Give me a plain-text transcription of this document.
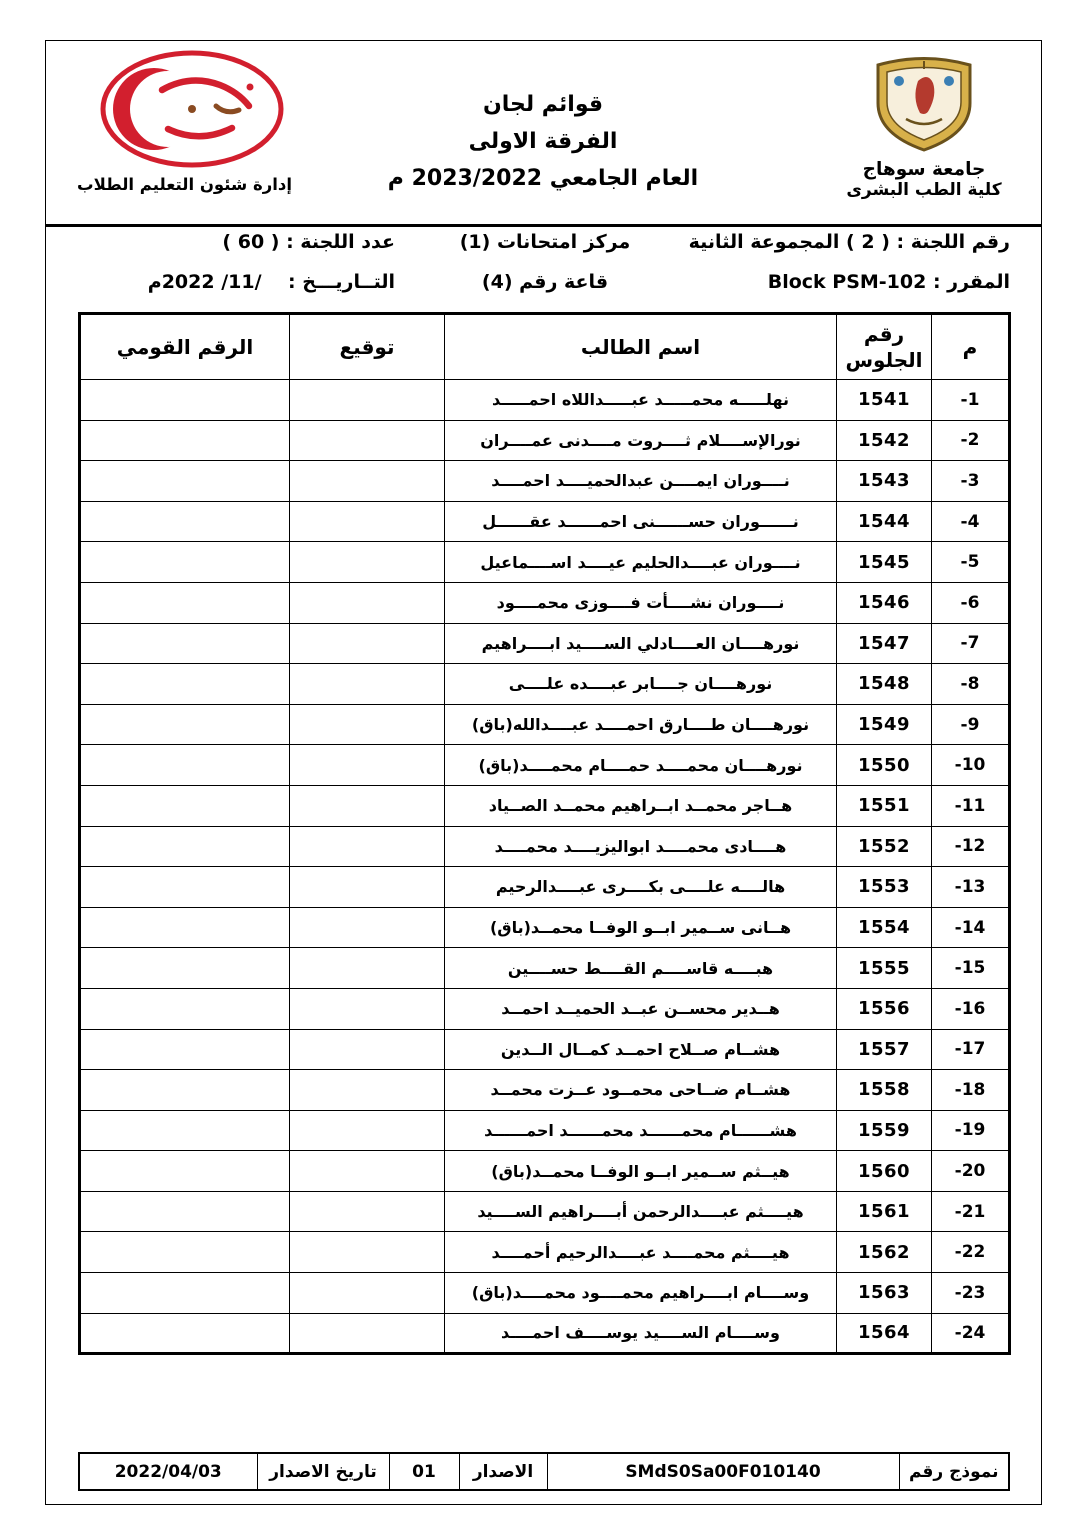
إدارة شئون التعليم الطلاب
قوائم لجان
الفرقة الاولى
العام الجامعي 2023/2022 م	جامعة سوهاج
كلية الطب البشرى
رقم اللجنة : ( 2 ) المجموعة الثانية
مركز امتحانات (1)
عدد اللجنة : ( 60 )
المقرر : Block PSM-102
قاعة رقم (4)
التــاريـــخ :    /11/ 2022م
م	رقم الجلوس	اسم الطالب	توقيع	الرقم القومي
-1	1541	نهلـــــه محمـــــد عبـــــداللاه احمـــــد		
-2	1542	نورالإســــلام ثــــروت مــــدنى عمــــران		
-3	1543	نــــوران ايمــــن عبدالحميــــد احمــــد		
-4	1544	نــــــوران حســــــنى احمــــــد عقــــــل		
-5	1545	نــــوران عبــــدالحليم عيــــد اســــماعيل		
-6	1546	نــــوران نشــــأت فــــوزى محمــــود		
-7	1547	نورهــــان العــــادلي الســــيد ابــــراهيم		
-8	1548	نورهــــان جــــابر عبــــده علــــى		
-9	1549	نورهــــان طــــارق احمــــد عبــــدالله(باق)		
-10	1550	نورهــــان محمــــد حمــــام محمــــد(باق)		
-11	1551	هــاجر محمــد ابــراهيم محمــد الصــياد		
-12	1552	هــــادى محمــــد ابواليزيــــد محمــــد		
-13	1553	هالــــه علــــى بكــــرى عبــــدالرحيم		
-14	1554	هــانى ســمير ابــو الوفــا محمــد(باق)		
-15	1555	هبــــه قاســــم القــــط حســــين		
-16	1556	هــدير محســن عبــد الحميــد احمــد		
-17	1557	هشــام صــلاح احمــد كمــال الــدين		
-18	1558	هشــام ضــاحى محمــود عــزت محمــد		
-19	1559	هشــــــام محمــــــد محمــــــد احمــــــد		
-20	1560	هيــثم ســمير ابــو الوفــا محمــد(باق)		
-21	1561	هيــــثم عبــــدالرحمن أبــــراهيم الســــيد		
-22	1562	هيــــثم محمــــد عبــــدالرحيم أحمــــد		
-23	1563	وســــام ابــــراهيم محمــــود محمــــد(باق)		
-24	1564	وســــام الســــيد يوســــف احمــــد		
نموذج رقم	SMdS0Sa00F010140	الاصدار	01	تاريخ الاصدار	2022/04/03
